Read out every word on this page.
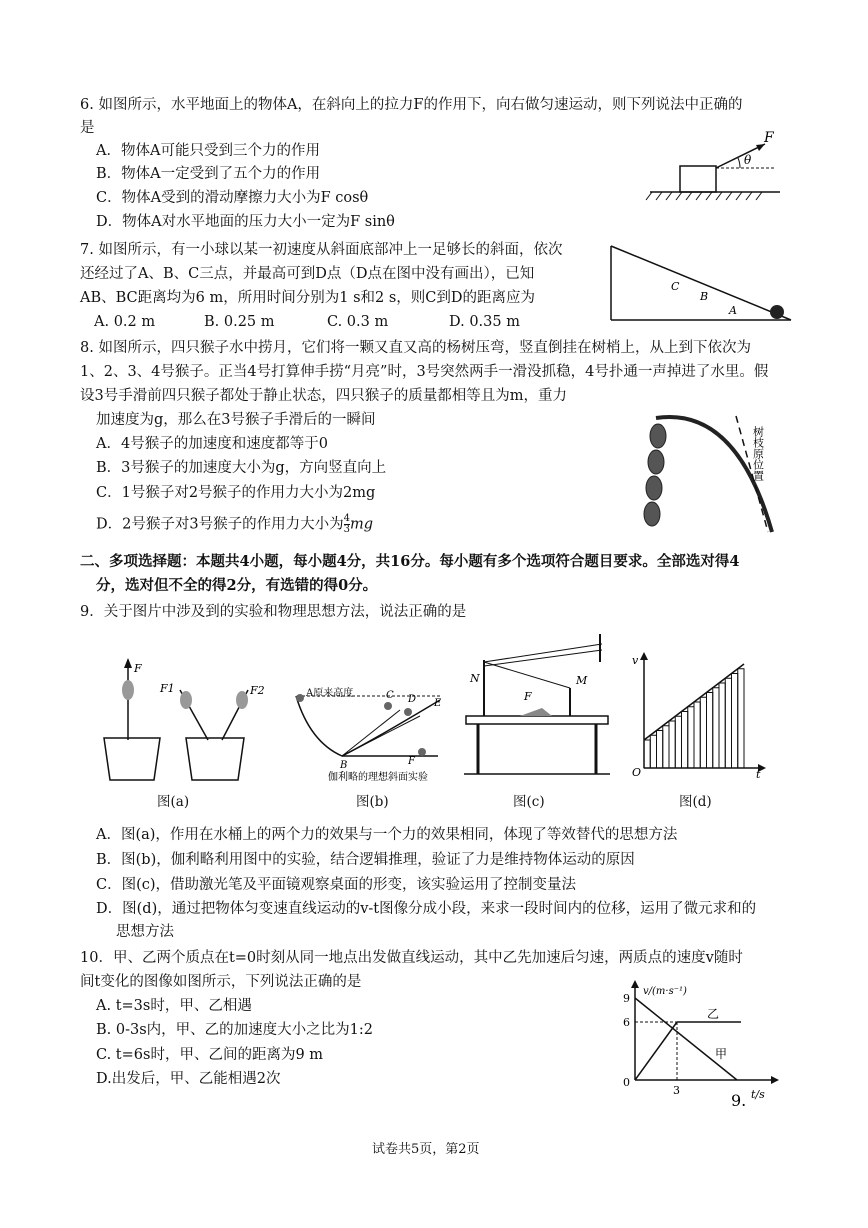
6. 如图所示，水平地面上的物体A，在斜向上的拉力F的作用下，向右做匀速运动，则下列说法中正确的
是
A．物体A可能只受到三个力的作用
B．物体A一定受到了五个力的作用
C．物体A受到的滑动摩擦力大小为F cosθ
D．物体A对水平地面的压力大小一定为F sinθ
F
θ
7. 如图所示，有一小球以某一初速度从斜面底部冲上一足够长的斜面，依次
还经过了A、B、C三点，并最高可到D点（D点在图中没有画出），已知
AB、BC距离均为6 m，所用时间分别为1 s和2 s，则C到D的距离应为
A. 0.2 m	B. 0.25 m	C. 0.3 m	D. 0.35 m
C
B
A
8. 如图所示，四只猴子水中捞月，它们将一颗又直又高的杨树压弯，竖直倒挂在树梢上，从上到下依次为
1、2、3、4号猴子。正当4号打算伸手捞“月亮”时，3号突然两手一滑没抓稳，4号扑通一声掉进了水里。假
设3号手滑前四只猴子都处于静止状态，四只猴子的质量都相等且为m，重力
加速度为g，那么在3号猴子手滑后的一瞬间
A．4号猴子的加速度和速度都等于0
B．3号猴子的加速度大小为g，方向竖直向上
C．1号猴子对2号猴子的作用力大小为2mg
D．2号猴子对3号猴子的作用力大小为 $\frac{4}{3}$ mg
树枝原位置
二、多项选择题：本题共4小题，每小题4分，共16分。每小题有多个选项符合题目要求。全部选对得4
分，选对但不全的得2分，有选错的得0分。
9．关于图片中涉及到的实验和物理思想方法，说法正确的是
F
F1	F2
图(a)
A原来高度
B
C D E
F
伽利略的理想斜面实验
图(b)
N	M
F
图(c)
v
O	t
图(d)
A．图(a)，作用在水桶上的两个力的效果与一个力的效果相同，体现了等效替代的思想方法
B．图(b)，伽利略利用图中的实验，结合逻辑推理，验证了力是维持物体运动的原因
C．图(c)，借助激光笔及平面镜观察桌面的形变，该实验运用了控制变量法
D．图(d)，通过把物体匀变速直线运动的v-t图像分成小段，来求一段时间内的位移，运用了微元求和的
思想方法
10．甲、乙两个质点在t=0时刻从同一地点出发做直线运动，其中乙先加速后匀速，两质点的速度v随时
间t变化的图像如图所示，下列说法正确的是
A. t=3s时，甲、乙相遇
B. 0-3s内，甲、乙的加速度大小之比为1:2
C. t=6s时，甲、乙间的距离为9 m
D.出发后，甲、乙能相遇2次
v/(m·s⁻¹)
t/s
9
6
0
3
乙
甲
9.
试卷共5页，第2页
